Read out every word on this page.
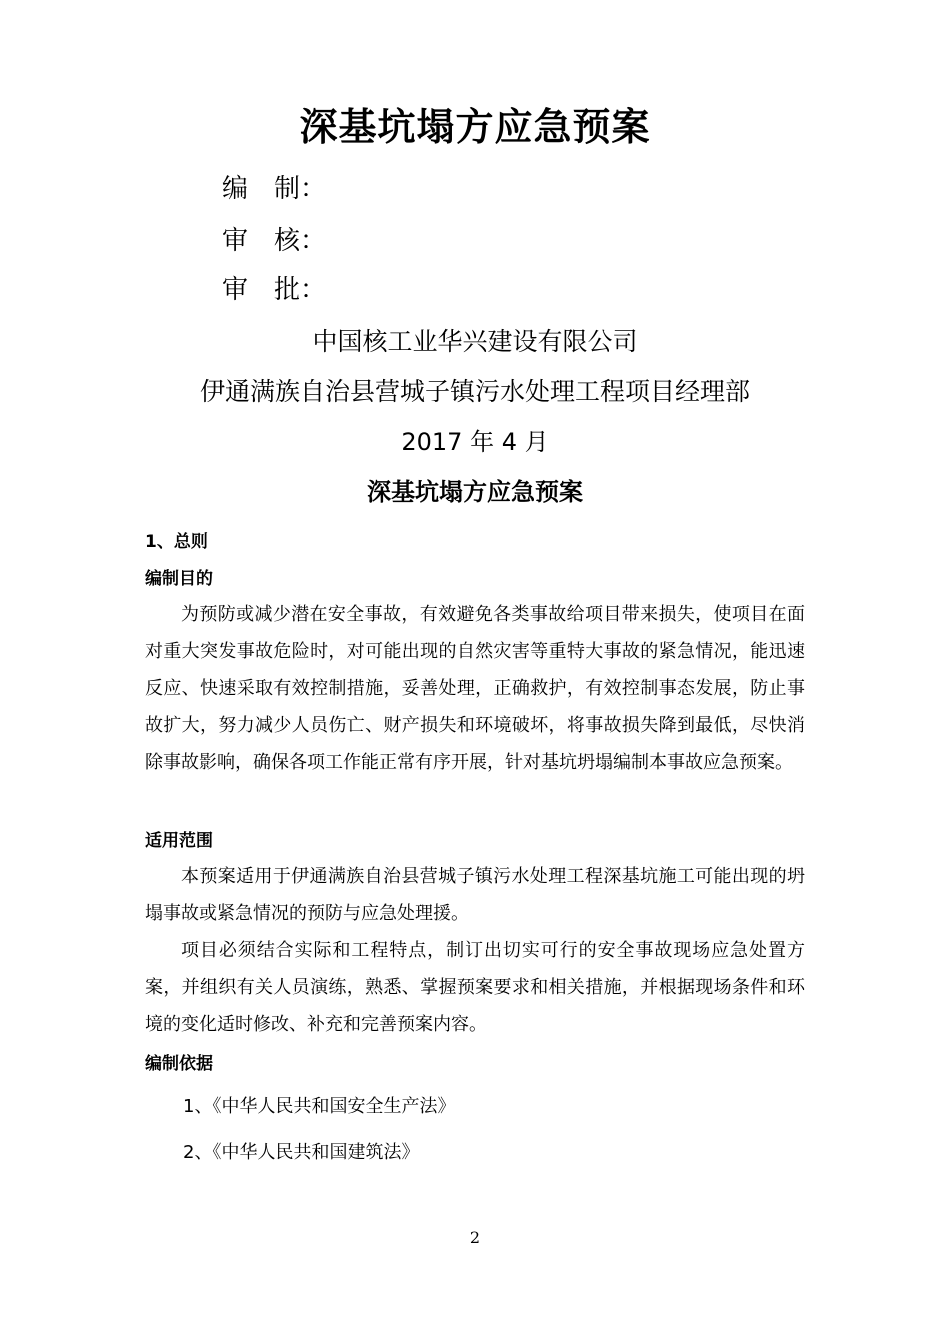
深基坑塌方应急预案
编 制：
审 核：
审 批：
中国核工业华兴建设有限公司
伊通满族自治县营城子镇污水处理工程项目经理部
2017 年 4 月
深基坑塌方应急预案
1、总则
编制目的

为预防或减少潜在安全事故，有效避免各类事故给项目带来损失，使项目在面对重大突发事故危险时，对可能出现的自然灾害等重特大事故的紧急情况，能迅速反应、快速采取有效控制措施，妥善处理，正确救护，有效控制事态发展，防止事故扩大，努力减少人员伤亡、财产损失和环境破坏，将事故损失降到最低，尽快消除事故影响，确保各项工作能正常有序开展，针对基坑坍塌编制本事故应急预案。

适用范围

本预案适用于伊通满族自治县营城子镇污水处理工程深基坑施工可能出现的坍塌事故或紧急情况的预防与应急处理援。

项目必须结合实际和工程特点，制订出切实可行的安全事故现场应急处置方案，并组织有关人员演练，熟悉、掌握预案要求和相关措施，并根据现场条件和环境的变化适时修改、补充和完善预案内容。

编制依据
1、《中华人民共和国安全生产法》
2、《中华人民共和国建筑法》
2
